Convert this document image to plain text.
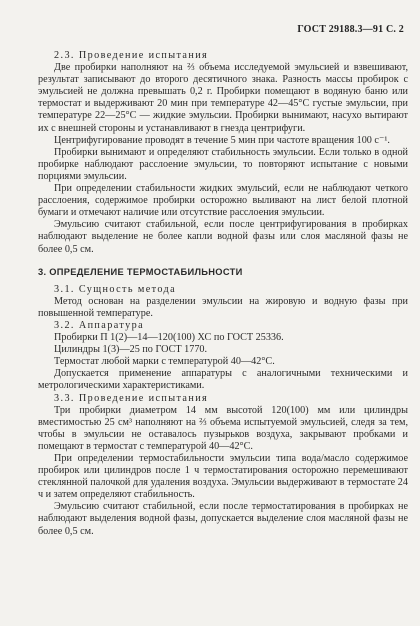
ГОСТ 29188.3—91 С. 2

2.3. Проведение испытания

Две пробирки наполняют на ⅔ объема исследуемой эмульсией и взвешивают, результат записывают до второго десятичного знака. Разность массы пробирок с эмульсией не должна превышать 0,2 г. Пробирки помещают в водяную баню или термостат и выдерживают 20 мин при температуре 42—45°С густые эмульсии, при температуре 22—25°С — жидкие эмульсии. Пробирки вынимают, насухо вытирают их с внешней стороны и устанавливают в гнезда центрифуги.

Центрифугирование проводят в течение 5 мин при частоте вращения 100 с⁻¹.

Пробирки вынимают и определяют стабильность эмульсии. Если только в одной пробирке наблюдают расслоение эмульсии, то повторяют испытание с новыми порциями эмульсии.

При определении стабильности жидких эмульсий, если не наблюдают четкого расслоения, содержимое пробирки осторожно выливают на лист белой плотной бумаги и отмечают наличие или отсутствие расслоения эмульсии.

Эмульсию считают стабильной, если после центрифугирования в пробирках наблюдают выделение не более капли водной фазы или слоя масляной фазы не более 0,5 см.

3. ОПРЕДЕЛЕНИЕ ТЕРМОСТАБИЛЬНОСТИ

3.1. Сущность метода

Метод основан на разделении эмульсии на жировую и водную фазы при повышенной температуре.

3.2. Аппаратура

Пробирки П 1(2)—14—120(100) ХС по ГОСТ 25336.

Цилиндры 1(3)—25 по ГОСТ 1770.

Термостат любой марки с температурой 40—42°С.

Допускается применение аппаратуры с аналогичными техническими и метрологическими характеристиками.

3.3. Проведение испытания

Три пробирки диаметром 14 мм высотой 120(100) мм или цилиндры вместимостью 25 см³ наполняют на ⅔ объема испытуемой эмульсией, следя за тем, чтобы в эмульсии не оставалось пузырьков воздуха, закрывают пробками и помещают в термостат с температурой 40—42°С.

При определении термостабильности эмульсии типа вода/масло содержимое пробирок или цилиндров после 1 ч термостатирования осторожно перемешивают стеклянной палочкой для удаления воздуха. Эмульсии выдерживают в термостате 24 ч и затем определяют стабильность.

Эмульсию считают стабильной, если после термостатирования в пробирках не наблюдают выделения водной фазы, допускается выделение слоя масляной фазы не более 0,5 см.
